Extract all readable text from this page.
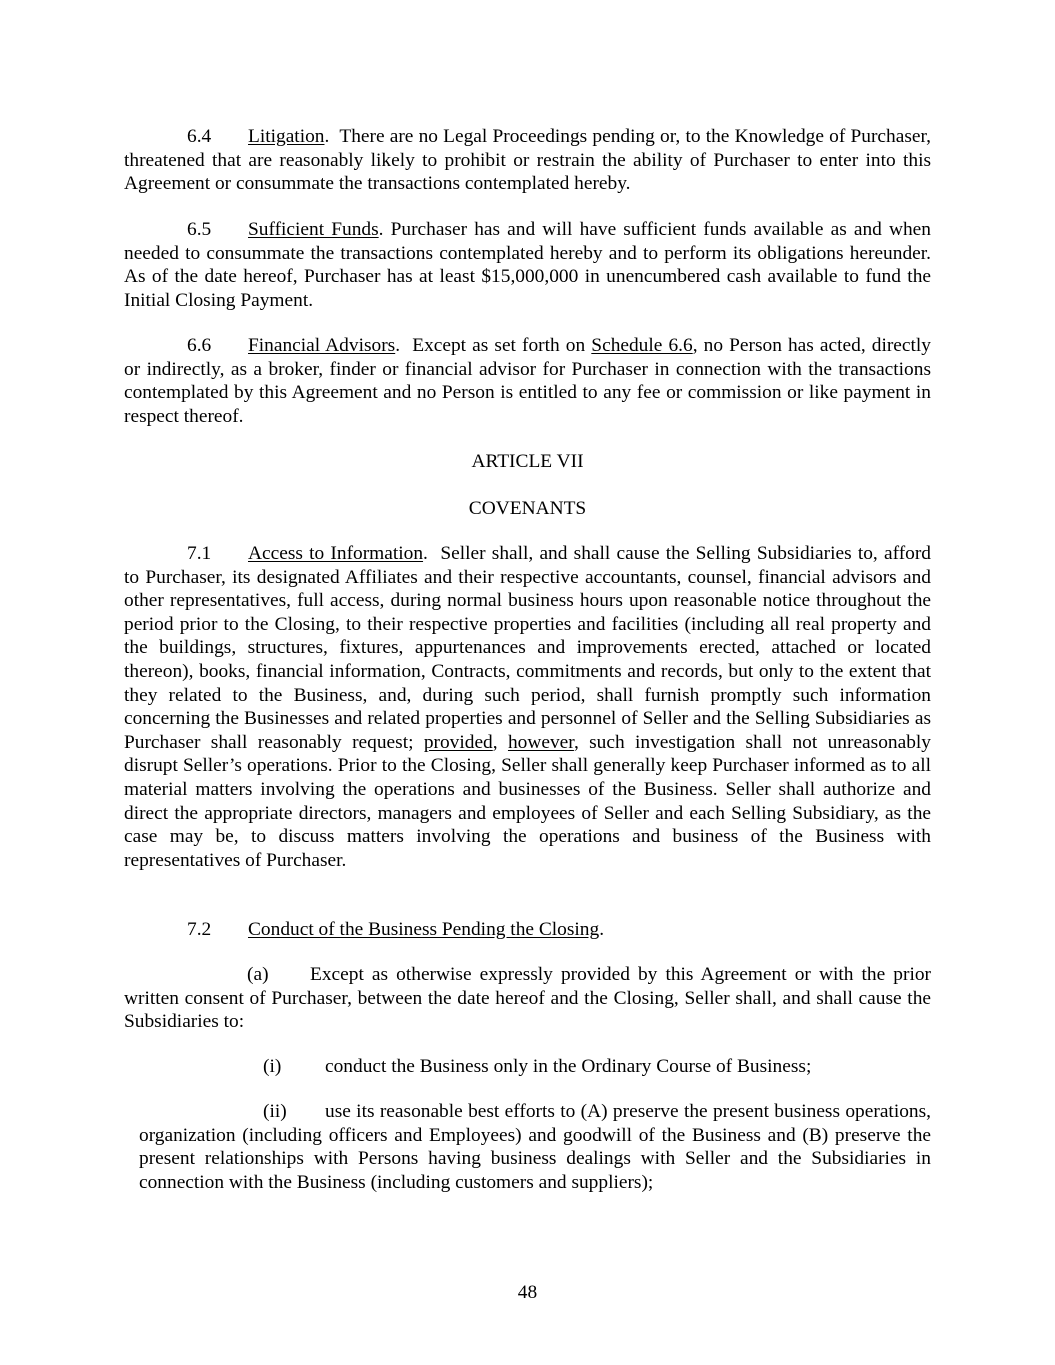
6.4 Litigation.  There are no Legal Proceedings pending or, to the Knowledge of Purchaser, threatened that are reasonably likely to prohibit or restrain the ability of Purchaser to enter into this Agreement or consummate the transactions contemplated hereby.

6.5 Sufficient Funds. Purchaser has and will have sufficient funds available as and when needed to consummate the transactions contemplated hereby and to perform its obligations hereunder. As of the date hereof, Purchaser has at least $15,000,000 in unencumbered cash available to fund the Initial Closing Payment.

6.6 Financial Advisors.  Except as set forth on Schedule 6.6, no Person has acted, directly or indirectly, as a broker, finder or financial advisor for Purchaser in connection with the transactions contemplated by this Agreement and no Person is entitled to any fee or commission or like payment in respect thereof.

ARTICLE VII

COVENANTS

7.1 Access to Information.  Seller shall, and shall cause the Selling Subsidiaries to, afford to Purchaser, its designated Affiliates and their respective accountants, counsel, financial advisors and other representatives, full access, during normal business hours upon reasonable notice throughout the period prior to the Closing, to their respective properties and facilities (including all real property and the buildings, structures, fixtures, appurtenances and improvements erected, attached or located thereon), books, financial information, Contracts, commitments and records, but only to the extent that they related to the Business, and, during such period, shall furnish promptly such information concerning the Businesses and related properties and personnel of Seller and the Selling Subsidiaries as Purchaser shall reasonably request; provided, however, such investigation shall not unreasonably disrupt Seller’s operations. Prior to the Closing, Seller shall generally keep Purchaser informed as to all material matters involving the operations and businesses of the Business. Seller shall authorize and direct the appropriate directors, managers and employees of Seller and each Selling Subsidiary, as the case may be, to discuss matters involving the operations and business of the Business with representatives of Purchaser.

7.2 Conduct of the Business Pending the Closing.

(a) Except as otherwise expressly provided by this Agreement or with the prior written consent of Purchaser, between the date hereof and the Closing, Seller shall, and shall cause the Subsidiaries to:

(i) conduct the Business only in the Ordinary Course of Business;

(ii) use its reasonable best efforts to (A) preserve the present business operations, organization (including officers and Employees) and goodwill of the Business and (B) preserve the present relationships with Persons having business dealings with Seller and the Subsidiaries in connection with the Business (including customers and suppliers);

48
